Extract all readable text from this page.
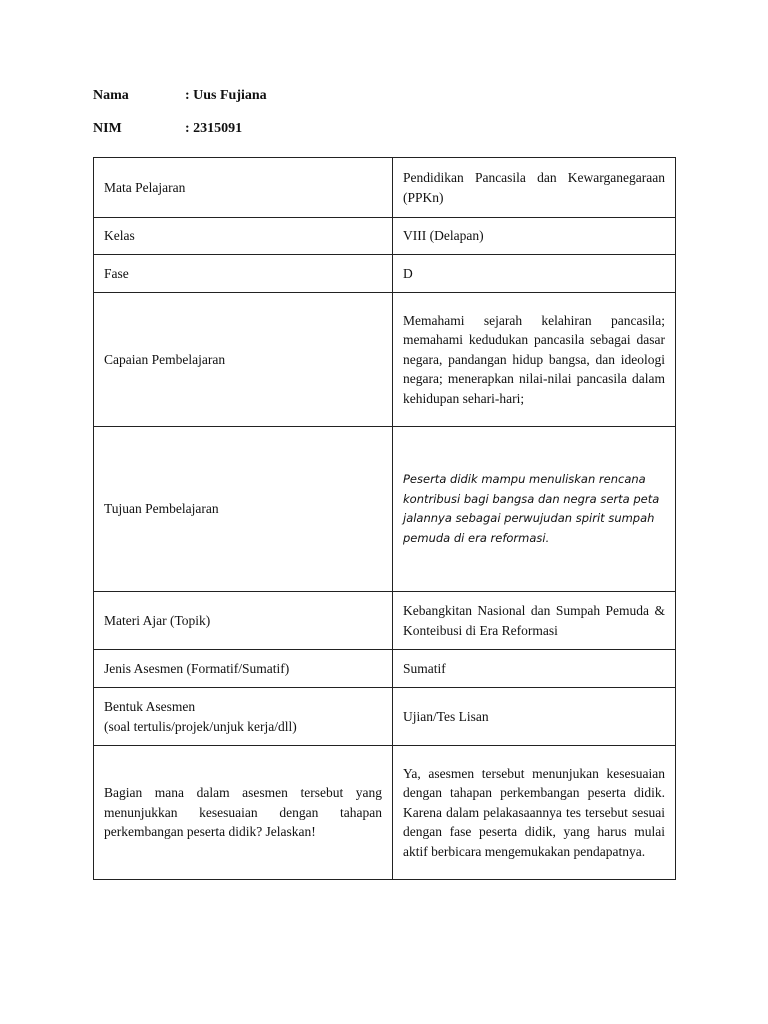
Nama	: Uus Fujiana
NIM	: 2315091
Mata Pelajaran	Pendidikan Pancasila dan Kewarganegaraan (PPKn)
Kelas	VIII (Delapan)
Fase	D
Capaian Pembelajaran	Memahami sejarah kelahiran pancasila; memahami kedudukan pancasila sebagai dasar negara, pandangan hidup bangsa, dan ideologi negara; menerapkan nilai-nilai pancasila dalam kehidupan sehari-hari;
Tujuan Pembelajaran	Peserta didik mampu menuliskan rencana kontribusi bagi bangsa dan negra serta peta jalannya sebagai perwujudan spirit sumpah pemuda di era reformasi.
Materi Ajar (Topik)	Kebangkitan Nasional dan Sumpah Pemuda & Konteibusi di Era Reformasi
Jenis Asesmen (Formatif/Sumatif)	Sumatif

Bentuk Asesmen
(soal tertulis/projek/unjuk kerja/dll)	Ujian/Tes Lisan
Bagian mana dalam asesmen tersebut yang menunjukkan kesesuaian dengan tahapan perkembangan peserta didik? Jelaskan!	Ya, asesmen tersebut menunjukan kesesuaian dengan tahapan perkembangan peserta didik. Karena dalam pelakasaannya tes tersebut sesuai dengan fase peserta didik, yang harus mulai aktif berbicara mengemukakan pendapatnya.
